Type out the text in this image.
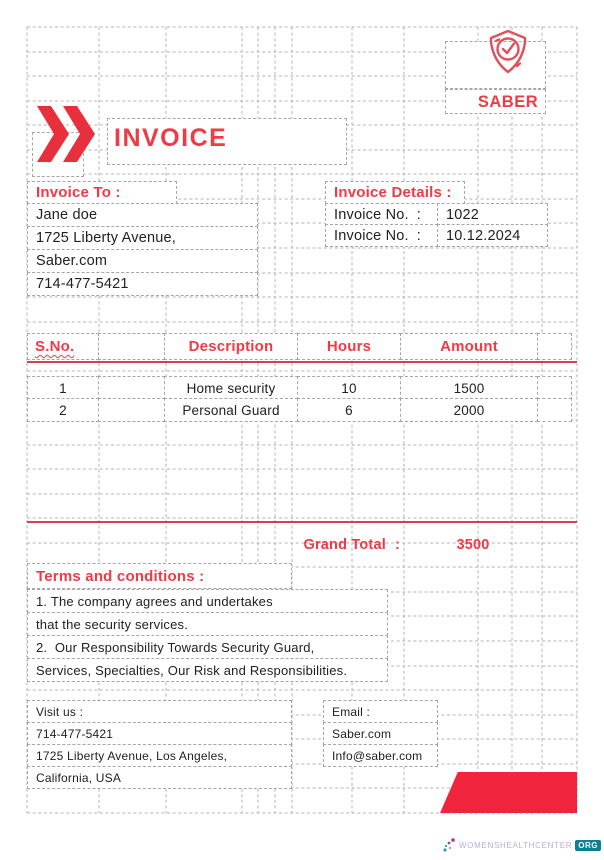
SABER
INVOICE
Invoice To :
Jane doe
1725 Liberty Avenue,
Saber.com
714-477-5421
Invoice Details :
Invoice No. :	1022
Invoice No. :	10.12.2024
S.No.	Description	Hours	Amount
1	Home security	10	1500
2	Personal Guard	6	2000
Grand Total :	3500
Terms and conditions :
1. The company agrees and undertakes
that the security services.
2.  Our Responsibility Towards Security Guard,
Services, Specialties, Our Risk and Responsibilities.
Visit us :
714-477-5421
1725 Liberty Avenue, Los Angeles,
California, USA
Email :
Saber.com
Info@saber.com
WOMENSHEALTHCENTER ORG
